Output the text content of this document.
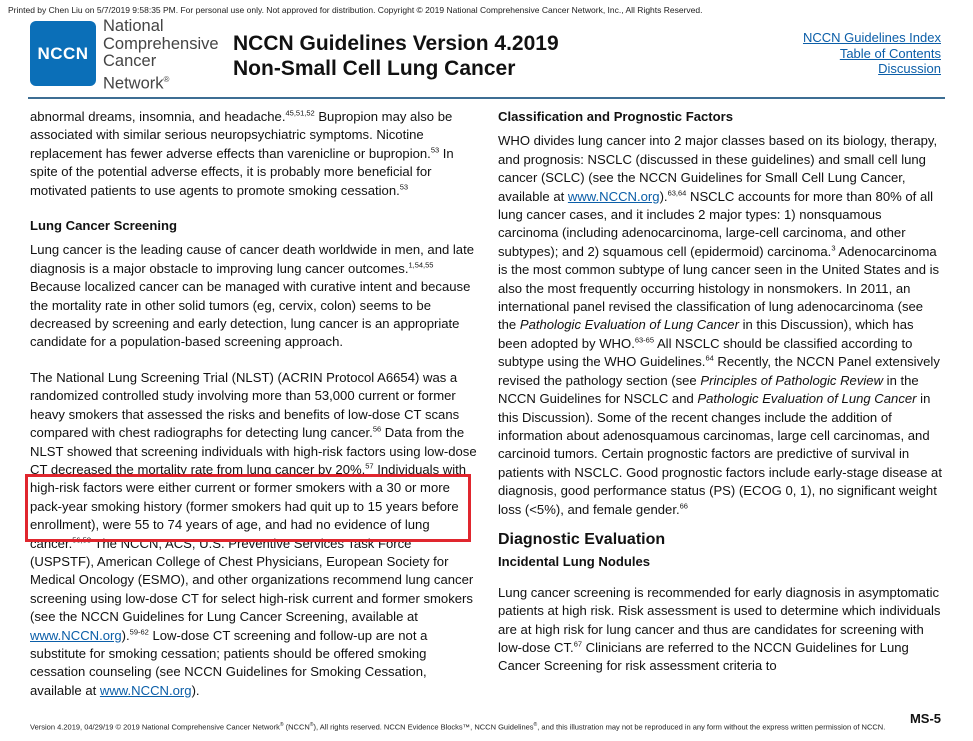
Printed by Chen Liu on 5/7/2019 9:58:35 PM. For personal use only. Not approved for distribution. Copyright © 2019 National Comprehensive Cancer Network, Inc., All Rights Reserved.
NCCN
National
Comprehensive
Cancer
Network®
NCCN Guidelines Version 4.2019
Non-Small Cell Lung Cancer
NCCN Guidelines Index
Table of Contents
Discussion

abnormal dreams, insomnia, and headache.$^{45,51,52}$ Bupropion may also be associated with similar serious neuropsychiatric symptoms. Nicotine replacement has fewer adverse effects than varenicline or bupropion.$^{53}$ In spite of the potential adverse effects, it is probably more beneficial for motivated patients to use agents to promote smoking cessation.$^{53}$

Lung Cancer Screening

Lung cancer is the leading cause of cancer death worldwide in men, and late diagnosis is a major obstacle to improving lung cancer outcomes.$^{1,54,55}$ Because localized cancer can be managed with curative intent and because the mortality rate in other solid tumors (eg, cervix, colon) seems to be decreased by screening and early detection, lung cancer is an appropriate candidate for a population-based screening approach.

The National Lung Screening Trial (NLST) (ACRIN Protocol A6654) was a randomized controlled study involving more than 53,000 current or former heavy smokers that assessed the risks and benefits of low-dose CT scans compared with chest radiographs for detecting lung cancer.$^{56}$ Data from the NLST showed that screening individuals with high-risk factors using low-dose CT decreased the mortality rate from lung cancer by 20%.$^{57}$ Individuals with high-risk factors were either current or former smokers with a 30 or more pack-year smoking history (former smokers had quit up to 15 years before enrollment), were 55 to 74 years of age, and had no evidence of lung cancer.$^{56,58}$ The NCCN, ACS, U.S. Preventive Services Task Force (USPSTF), American College of Chest Physicians, European Society for Medical Oncology (ESMO), and other organizations recommend lung cancer screening using low-dose CT for select high-risk current and former smokers (see the NCCN Guidelines for Lung Cancer Screening, available at www.NCCN.org).$^{59-62}$ Low-dose CT screening and follow-up are not a substitute for smoking cessation; patients should be offered smoking cessation counseling (see NCCN Guidelines for Smoking Cessation, available at www.NCCN.org).

Classification and Prognostic Factors

WHO divides lung cancer into 2 major classes based on its biology, therapy, and prognosis: NSCLC (discussed in these guidelines) and small cell lung cancer (SCLC) (see the NCCN Guidelines for Small Cell Lung Cancer, available at www.NCCN.org).$^{63,64}$ NSCLC accounts for more than 80% of all lung cancer cases, and it includes 2 major types: 1) nonsquamous carcinoma (including adenocarcinoma, large-cell carcinoma, and other subtypes); and 2) squamous cell (epidermoid) carcinoma.$^3$ Adenocarcinoma is the most common subtype of lung cancer seen in the United States and is also the most frequently occurring histology in nonsmokers. In 2011, an international panel revised the classification of lung adenocarcinoma (see the Pathologic Evaluation of Lung Cancer in this Discussion), which has been adopted by WHO.$^{63-65}$ All NSCLC should be classified according to subtype using the WHO Guidelines.$^{64}$ Recently, the NCCN Panel extensively revised the pathology section (see Principles of Pathologic Review in the NCCN Guidelines for NSCLC and Pathologic Evaluation of Lung Cancer in this Discussion). Some of the recent changes include the addition of information about adenosquamous carcinomas, large cell carcinomas, and carcinoid tumors. Certain prognostic factors are predictive of survival in patients with NSCLC. Good prognostic factors include early-stage disease at diagnosis, good performance status (PS) (ECOG 0, 1), no significant weight loss (<5%), and female gender.$^{66}$

Diagnostic Evaluation
Incidental Lung Nodules

Lung cancer screening is recommended for early diagnosis in asymptomatic patients at high risk. Risk assessment is used to determine which individuals are at high risk for lung cancer and thus are candidates for screening with low-dose CT.$^{67}$ Clinicians are referred to the NCCN Guidelines for Lung Cancer Screening for risk assessment criteria to

Version 4.2019, 04/29/19 © 2019 National Comprehensive Cancer Network® (NCCN®), All rights reserved. NCCN Evidence Blocks™, NCCN Guidelines®, and this illustration may not be reproduced in any form without the express written permission of NCCN.
MS-5
